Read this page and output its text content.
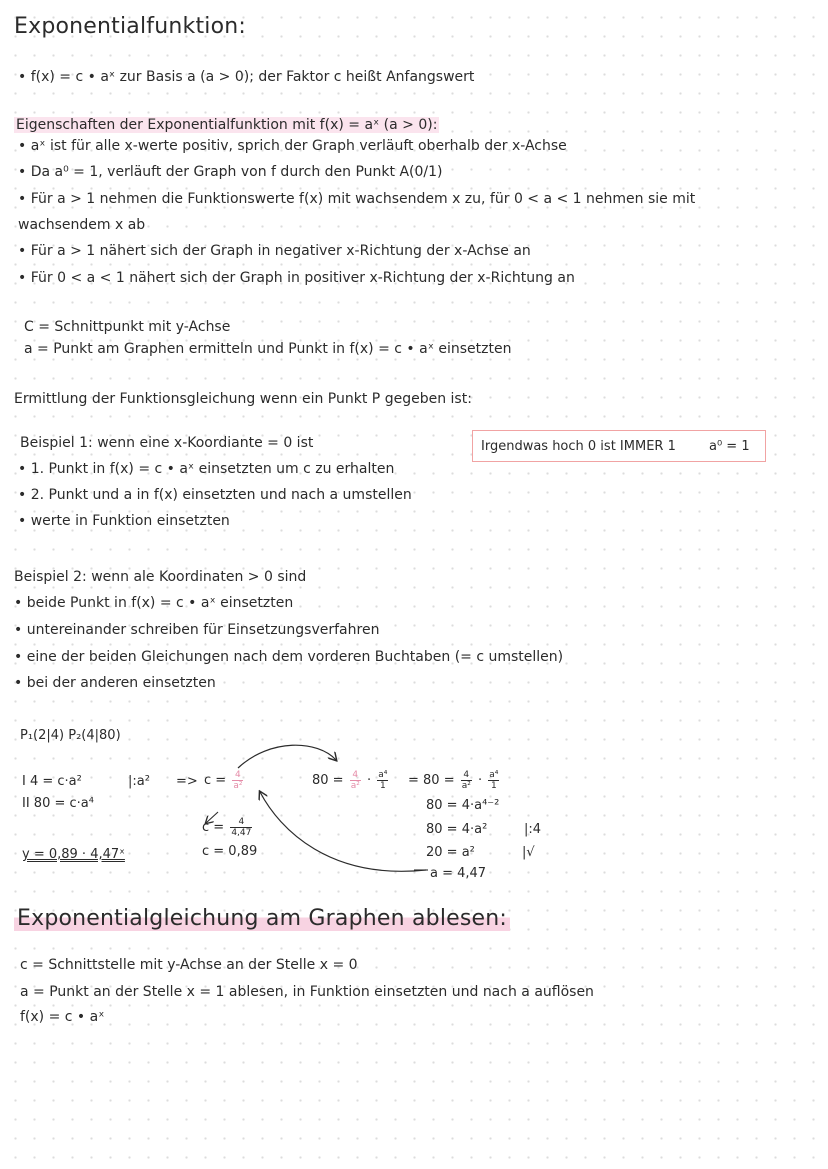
Exponentialfunktion:
• f(x) = c • aˣ zur Basis a (a > 0); der Faktor c heißt Anfangswert
Eigenschaften der Exponentialfunktion mit f(x) = aˣ (a > 0):
• aˣ ist für alle x-werte positiv, sprich der Graph verläuft oberhalb der x-Achse
• Da a⁰ = 1, verläuft der Graph von f durch den Punkt A(0/1)
• Für a > 1 nehmen die Funktionswerte f(x) mit wachsendem x zu, für 0 < a < 1 nehmen sie mit
wachsendem x ab
• Für a > 1 nähert sich der Graph in negativer x-Richtung der x-Achse an
• Für 0 < a < 1 nähert sich der Graph in positiver x-Richtung der x-Richtung an
C = Schnittpunkt mit y-Achse
a = Punkt am Graphen ermitteln und Punkt in f(x) = c • aˣ einsetzten
Ermittlung der Funktionsgleichung wenn ein Punkt P gegeben ist:
Beispiel 1: wenn eine x-Koordiante = 0 ist
• 1. Punkt in f(x) = c • aˣ einsetzten um c zu erhalten
• 2. Punkt und a in f(x) einsetzten und nach a umstellen
• werte in Funktion einsetzten
Irgendwas hoch 0 ist IMMER 1	a⁰ = 1
Beispiel 2: wenn ale Koordinaten > 0 sind
• beide Punkt in f(x) = c • aˣ einsetzten
• untereinander schreiben für Einsetzungsverfahren
• eine der beiden Gleichungen nach dem vorderen Buchtaben (= c umstellen)
• bei der anderen einsetzten
P₁(2|4) P₂(4|80)
I 4 = c·a²	|:a² => $c = \frac{4}{\text{a²}}$
II 80 = c·a⁴
$c = \frac{4}{4,47}$
c = 0,89
y = 0,89 · 4,47ˣ
$80 = \frac{4}{\text{a²}} \cdot \frac{\text{a⁴}}{1} = 80 = \frac{4}{\text{a²}} \cdot \frac{\text{a⁴}}{1}$
80 = 4·a⁴⁻²
80 = 4·a²	|:4
20 = a²	|√
a = 4,47
Exponentialgleichung am Graphen ablesen:
c = Schnittstelle mit y-Achse an der Stelle x = 0
a = Punkt an der Stelle x = 1 ablesen, in Funktion einsetzten und nach a auflösen
f(x) = c • aˣ
